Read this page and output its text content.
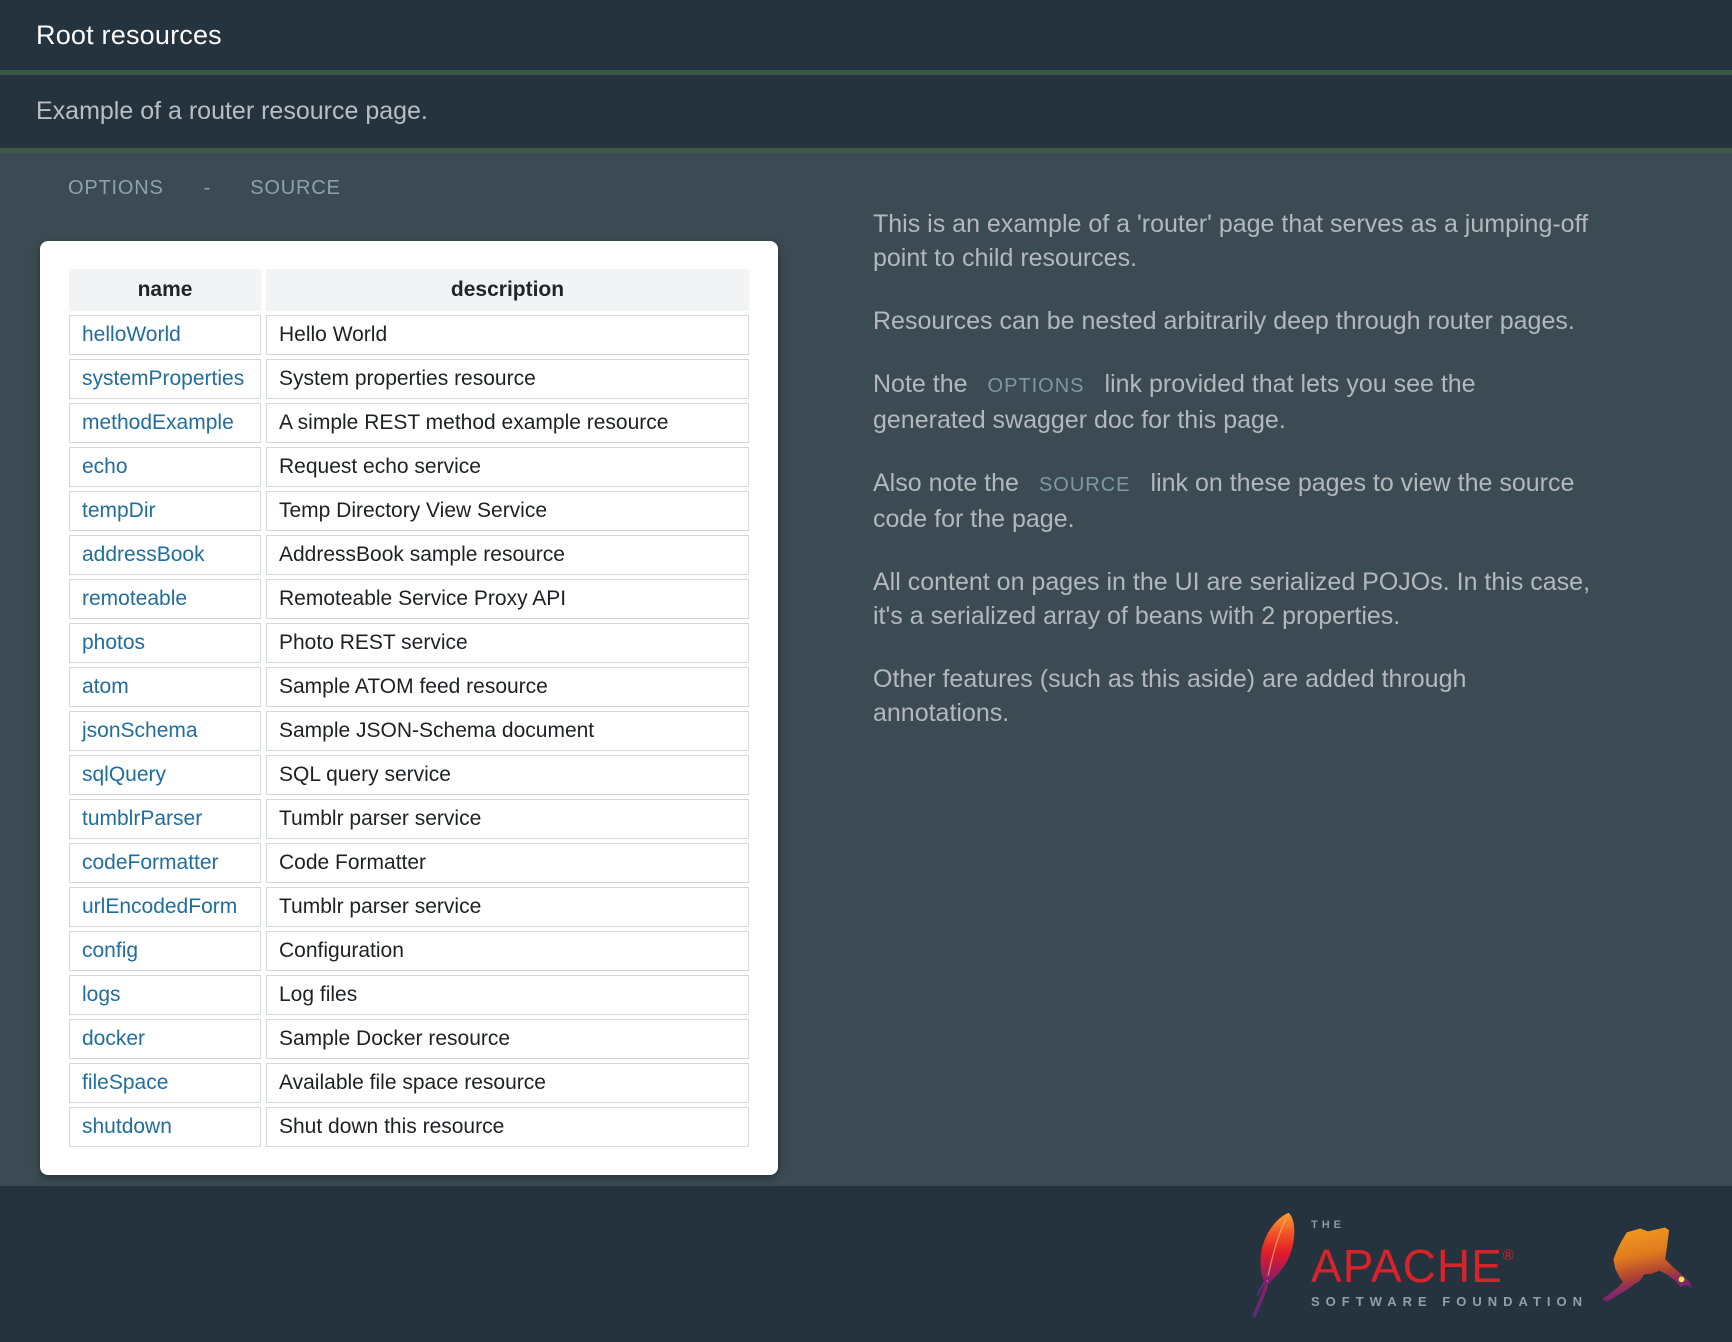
Root resources
Example of a router resource page.
OPTIONS - SOURCE
name	description
helloWorld	Hello World
systemProperties	System properties resource
methodExample	A simple REST method example resource
echo	Request echo service
tempDir	Temp Directory View Service
addressBook	AddressBook sample resource
remoteable	Remoteable Service Proxy API
photos	Photo REST service
atom	Sample ATOM feed resource
jsonSchema	Sample JSON-Schema document
sqlQuery	SQL query service
tumblrParser	Tumblr parser service
codeFormatter	Code Formatter
urlEncodedForm	Tumblr parser service
config	Configuration
logs	Log files
docker	Sample Docker resource
fileSpace	Available file space resource
shutdown	Shut down this resource

This is an example of a 'router' page that serves as a jumping-off point to child resources.

Resources can be nested arbitrarily deep through router pages.

Note the OPTIONS link provided that lets you see the generated swagger doc for this page.

Also note the SOURCE link on these pages to view the source code for the page.

All content on pages in the UI are serialized POJOs. In this case, it's a serialized array of beans with 2 properties.

Other features (such as this aside) are added through annotations.

THE
APACHE®
SOFTWARE FOUNDATION
